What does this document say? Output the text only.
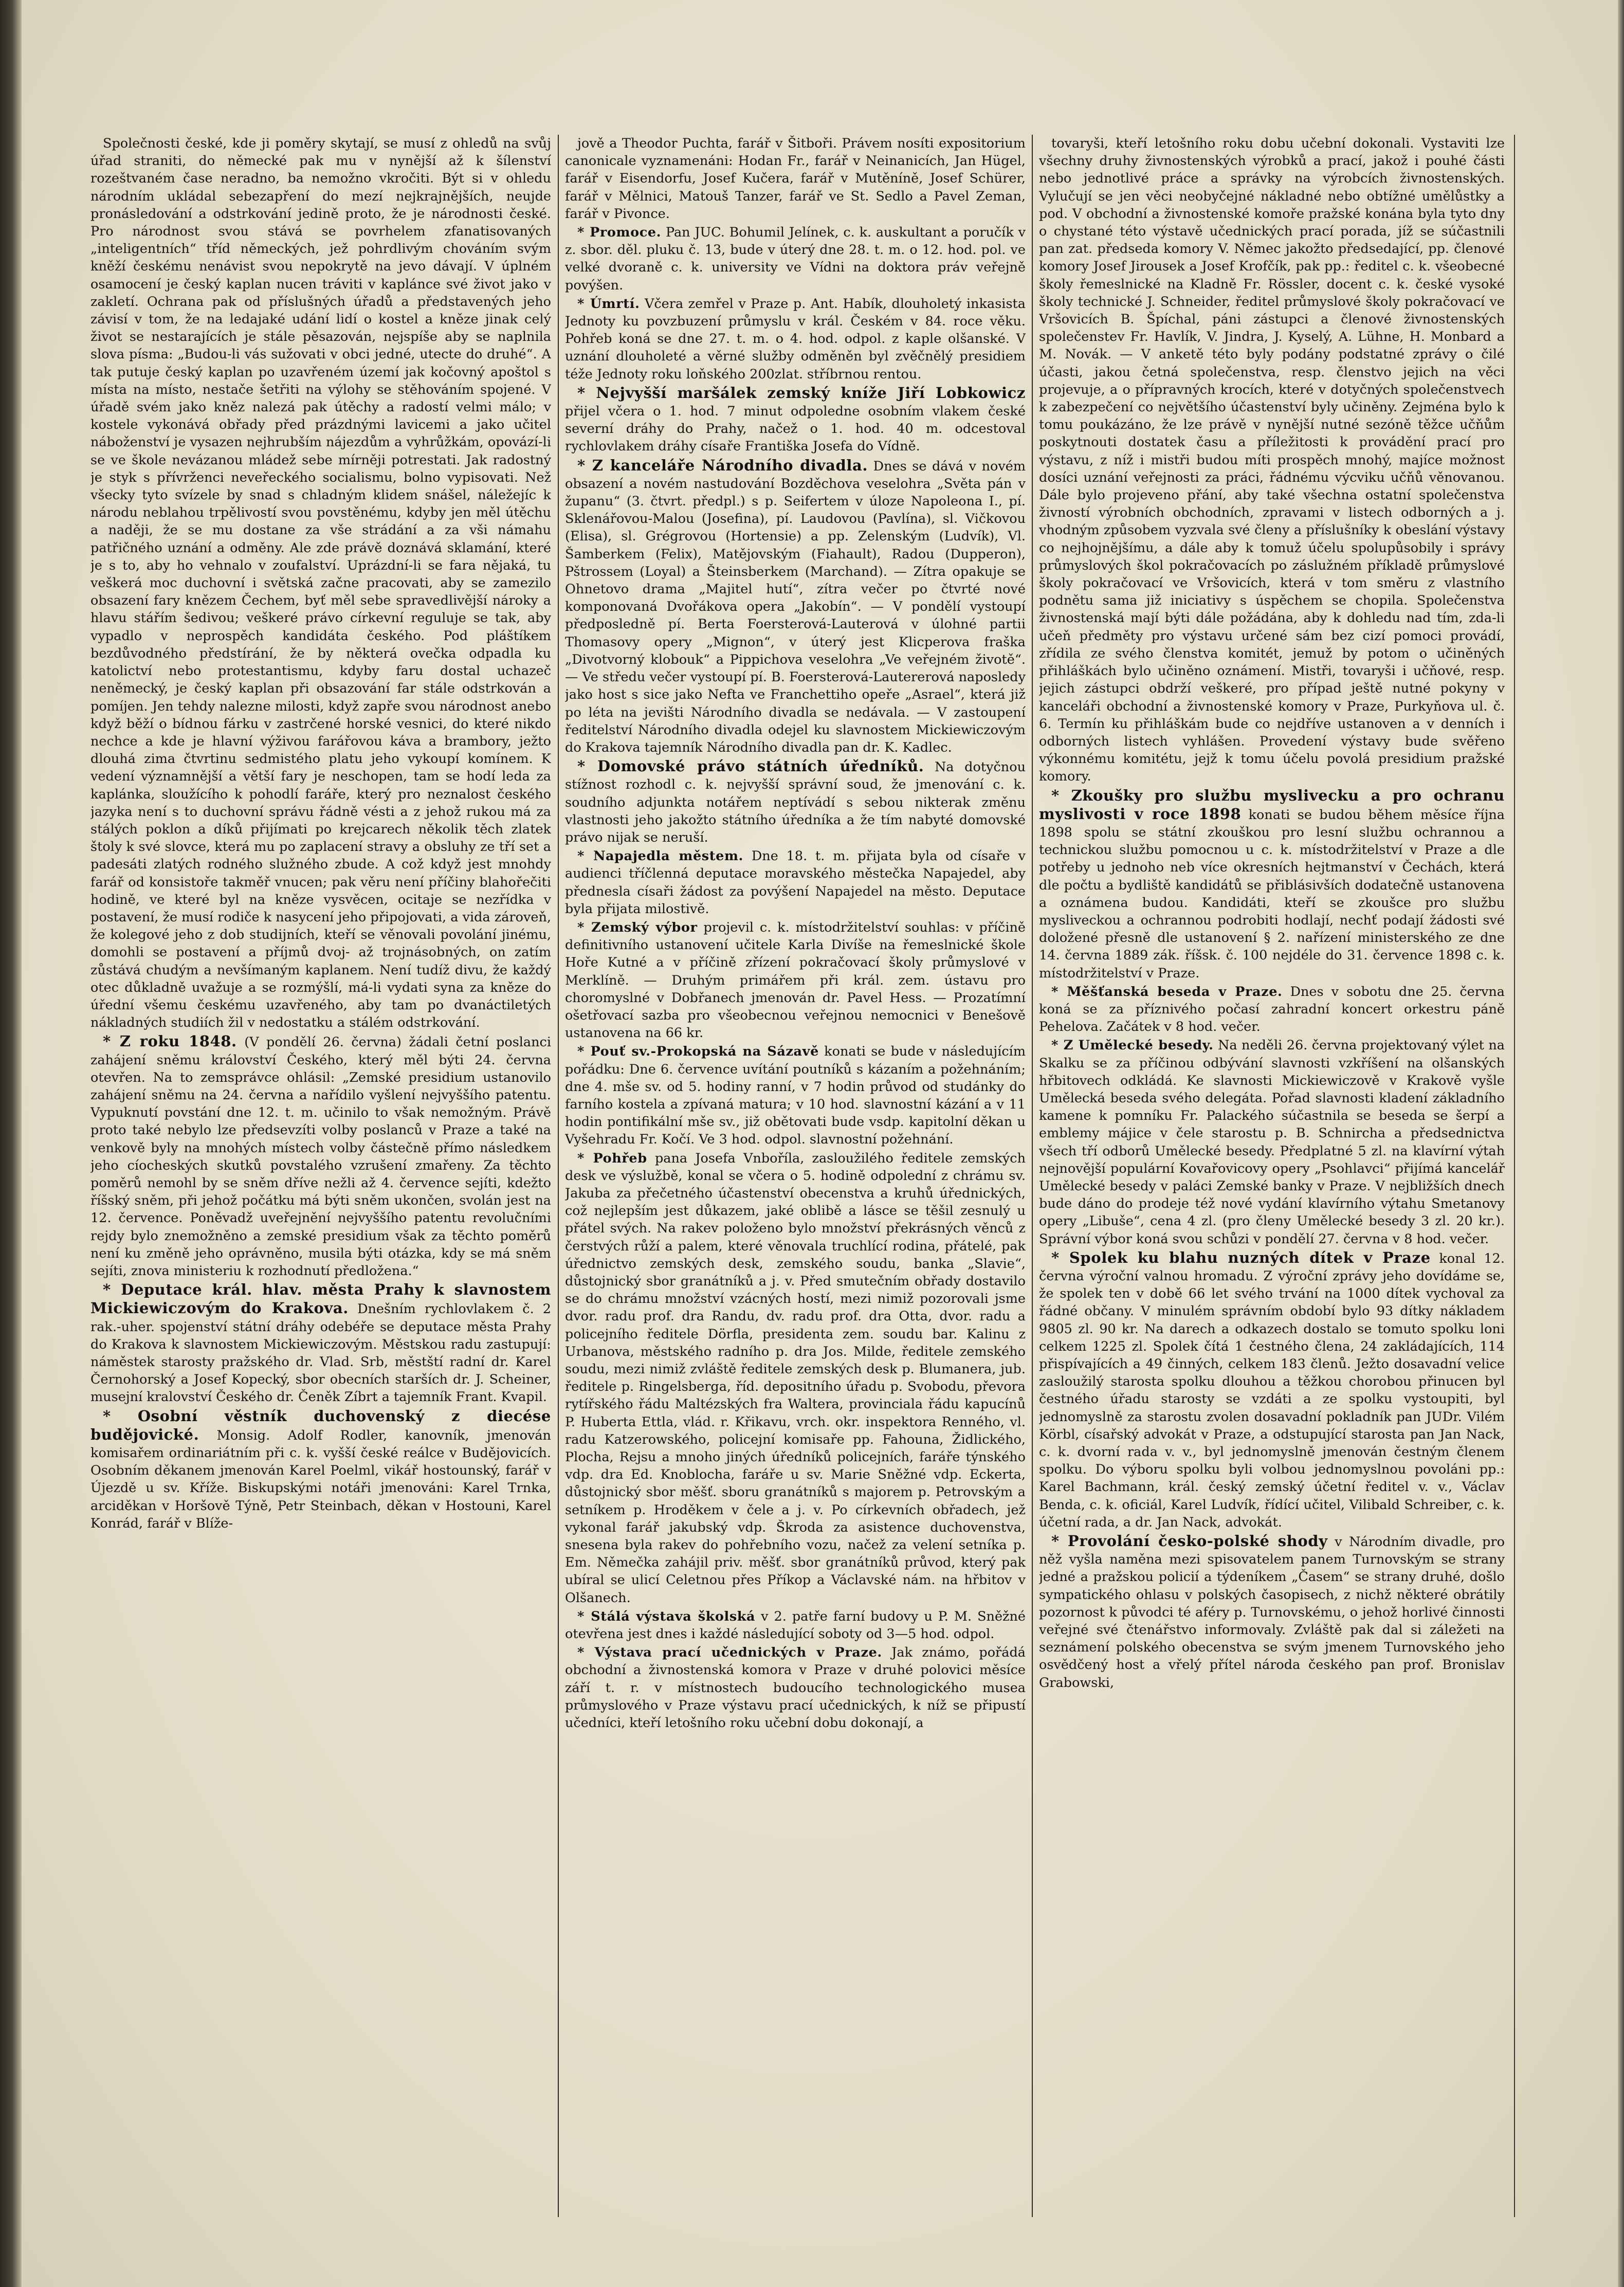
Společnosti české, kde ji poměry skytají, se musí z ohledů na svůj úřad straniti, do německé pak mu v nynější až k šílenství rozeštvaném čase neradno, ba nemožno vkročiti. Být si v ohledu národním ukládal sebezapření do mezí nejkrajnějších, neujde pronásledování a odstrkování jedině proto, že je národnosti české. Pro národnost svou stává se povrhelem zfanatisovaných „inteligentních“ tříd německých, jež pohrdlivým chováním svým kněží českému nenávist svou nepokrytě na jevo dávají. V úplném osamocení je český kaplan nucen tráviti v kaplánce své život jako v zakletí. Ochrana pak od příslušných úřadů a představených jeho závisí v tom, že na ledajaké udání lidí o kostel a kněze jinak celý život se nestarajících je stále pěsazován, nejspíše aby se naplnila slova písma: „Budou-li vás sužovati v obci jedné, utecte do druhé“. A tak putuje český kaplan po uzavřeném území jak kočovný apoštol s místa na místo, nestače šetřiti na výlohy se stěhováním spojené. V úřadě svém jako kněz nalezá pak útěchy a radostí velmi málo; v kostele vykonává obřady před prázdnými lavicemi a jako učitel náboženství je vysazen nejhrubším nájezdům a vyhrůžkám, opovází-li se ve škole nevázanou mládež sebe mírněji potrestati. Jak radostný je styk s přívrženci neveřeckého socialismu, bolno vypisovati. Než všecky tyto svízele by snad s chladným klidem snášel, náležejíc k národu neblahou trpělivostí svou povstěnému, kdyby jen měl útěchu a naději, že se mu dostane za vše strádání a za vši námahu patřičného uznání a odměny. Ale zde právě doznává sklamání, které je s to, aby ho vehnalo v zoufalství. Uprázdní-li se fara nějaká, tu veškerá moc duchovní i světská začne pracovati, aby se zamezilo obsazení fary knězem Čechem, byť měl sebe spravedlivější nároky a hlavu stářím šedivou; veškeré právo církevní reguluje se tak, aby vypadlo v neprospěch kandidáta českého. Pod pláštíkem bezdůvodného předstírání, že by některá ovečka odpadla ku katolictví nebo protestantismu, kdyby faru dostal uchazeč neněmecký, je český kaplan při obsazování far stále odstrkován a pomíjen. Jen tehdy nalezne milosti, když zapře svou národnost anebo když běží o bídnou fárku v zastrčené horské vesnici, do které nikdo nechce a kde je hlavní výživou farářovou káva a brambory, ježto dlouhá zima čtvrtinu sedmistého platu jeho vykoupí komínem. K vedení významnější a větší fary je neschopen, tam se hodí leda za kaplánka, sloužícího k pohodlí faráře, který pro neznalost českého jazyka není s to duchovní správu řádně vésti a z jehož rukou má za stálých poklon a díků přijímati po krejcarech několik těch zlatek štoly k své slovce, která mu po zaplacení stravy a obsluhy ze tří set a padesáti zlatých rodného služného zbude. A což když jest mnohdy farář od konsistoře takměř vnucen; pak věru není příčiny blahořečiti hodině, ve které byl na kněze vysvěcen, ocitaje se nezřídka v postavení, že musí rodiče k nasycení jeho připojovati, a vida zároveň, že kolegové jeho z dob studijních, kteří se věnovali povolání jinému, domohli se postavení a příjmů dvoj- až trojnásobných, on zatím zůstává chudým a nevšímaným kaplanem. Není tudíž divu, že každý otec důkladně uvažuje a se rozmýšlí, má-li vydati syna za kněze do úřední všemu českému uzavřeného, aby tam po dvanáctiletých nákladných studiích žil v nedostatku a stálém odstrkování.

* Z roku 1848. (V pondělí 26. června) žádali četní poslanci zahájení sněmu království Českého, který měl býti 24. června otevřen. Na to zemsprávce ohlásil: „Zemské presidium ustanovilo zahájení sněmu na 24. června a nařídilo vyšlení nejvyššího patentu. Vypuknutí povstání dne 12. t. m. učinilo to však nemožným. Právě proto také nebylo lze předsevzíti volby poslanců v Praze a také na venkově byly na mnohých místech volby částečně přímo následkem jeho cíocheských skutků povstalého vzrušení zmařeny. Za těchto poměrů nemohl by se sněm dříve nežli až 4. července sejíti, kdežto říšský sněm, při jehož počátku má býti sněm ukončen, svolán jest na 12. července. Poněvadž uveřejnění nejvyššího patentu revolučními rejdy bylo znemožněno a zemské presidium však za těchto poměrů není ku změně jeho oprávněno, musila býti otázka, kdy se má sněm sejíti, znova ministeriu k rozhodnutí předložena.“

* Deputace král. hlav. města Prahy k slavnostem Mickiewiczovým do Krakova. Dnešním rychlovlakem č. 2 rak.-uher. spojenství státní dráhy odebéře se deputace města Prahy do Krakova k slavnostem Mickiewiczovým. Městskou radu zastupují: náměstek starosty pražského dr. Vlad. Srb, městští radní dr. Karel Černohorský a Josef Kopecký, sbor obecních starších dr. J. Scheiner, musejní kralovství Českého dr. Čeněk Zíbrt a tajemník Frant. Kvapil.

* Osobní věstník duchovenský z diecése budějovické. Monsig. Adolf Rodler, kanovník, jmenován komisařem ordinariátním při c. k. vyšší české reálce v Budějovicích. Osobním děkanem jmenován Karel Poelml, vikář hostounský, farář v Újezdě u sv. Kříže. Biskupskými notáři jmenováni: Karel Trnka, arciděkan v Horšově Týně, Petr Steinbach, děkan v Hostouni, Karel Konrád, farář v Blíže-

jově a Theodor Puchta, farář v Šitboři. Právem nosíti expositorium canonicale vyznamenáni: Hodan Fr., farář v Neinanicích, Jan Hügel, farář v Eisendorfu, Josef Kučera, farář v Mutěníně, Josef Schürer, farář v Mělnici, Matouš Tanzer, farář ve St. Sedlo a Pavel Zeman, farář v Pivonce.

* Promoce. Pan JUC. Bohumil Jelínek, c. k. auskultant a poručík v z. sbor. děl. pluku č. 13, bude v úterý dne 28. t. m. o 12. hod. pol. ve velké dvoraně c. k. university ve Vídni na doktora práv veřejně povýšen.

* Úmrtí. Včera zemřel v Praze p. Ant. Habík, dlouholetý inkasista Jednoty ku povzbuzení průmyslu v král. Českém v 84. roce věku. Pohřeb koná se dne 27. t. m. o 4. hod. odpol. z kaple olšanské. V uznání dlouholeté a věrné služby odměněn byl zvěčnělý presidiem téže Jednoty roku loňského 200zlat. stříbrnou rentou.

* Nejvyšší maršálek zemský kníže Jiří Lobkowicz přijel včera o 1. hod. 7 minut odpoledne osobním vlakem české severní dráhy do Prahy, načež o 1. hod. 40 m. odcestoval rychlovlakem dráhy císaře Františka Josefa do Vídně.

* Z kanceláře Národního divadla. Dnes se dává v novém obsazení a novém nastudování Bozděchova veselohra „Světa pán v županu“ (3. čtvrt. předpl.) s p. Seifertem v úloze Napoleona I., pí. Sklenářovou-Malou (Josefina), pí. Laudovou (Pavlína), sl. Vičkovou (Elisa), sl. Grégrovou (Hortensie) a pp. Zelenským (Ludvík), Vl. Šamberkem (Felix), Matějovským (Fiahault), Radou (Dupperon), Pštrossem (Loyal) a Šteinsberkem (Marchand). — Zítra opakuje se Ohnetovo drama „Majitel hutí“, zítra večer po čtvrté nové komponovaná Dvořákova opera „Jakobín“. — V pondělí vystoupí předposledně pí. Berta Foersterová-Lauterová v úlohné partii Thomasovy opery „Mignon“, v úterý jest Klicperova fraška „Divotvorný klobouk“ a Pippichova veselohra „Ve veřejném životě“. — Ve středu večer vystoupí pí. B. Foersterová-Lautererová naposledy jako host s sice jako Nefta ve Franchettiho opeře „Asrael“, která již po léta na jevišti Národního divadla se nedávala. — V zastoupení ředitelství Národního divadla odejel ku slavnostem Mickiewiczovým do Krakova tajemník Národního divadla pan dr. K. Kadlec.

* Domovské právo státních úředníků. Na dotyčnou stížnost rozhodl c. k. nejvyšší správní soud, že jmenování c. k. soudního adjunkta notářem neptívádí s sebou nikterak změnu vlastnosti jeho jakožto státního úředníka a že tím nabyté domovské právo nijak se neruší.

* Napajedla městem. Dne 18. t. m. přijata byla od císaře v audienci tříčlenná deputace moravského městečka Napajedel, aby přednesla císaři žádost za povýšení Napajedel na město. Deputace byla přijata milostivě.

* Zemský výbor projevil c. k. místodržitelství souhlas: v příčině definitivního ustanovení učitele Karla Divíše na řemeslnické škole Hoře Kutné a v příčině zřízení pokračovací školy průmyslové v Merklíně. — Druhým primářem při král. zem. ústavu pro choromyslné v Dobřanech jmenován dr. Pavel Hess. — Prozatímní ošetřovací sazba pro všeobecnou veřejnou nemocnici v Benešově ustanovena na 66 kr.

* Pouť sv.-Prokopská na Sázavě konati se bude v následujícím pořádku: Dne 6. července uvítání poutníků s kázaním a požehnáním; dne 4. mše sv. od 5. hodiny ranní, v 7 hodin průvod od studánky do farního kostela a zpívaná matura; v 10 hod. slavnostní kázání a v 11 hodin pontifikální mše sv., již obětovati bude vsdp. kapitolní děkan u Vyšehradu Fr. Kočí. Ve 3 hod. odpol. slavnostní požehnání.

* Pohřeb pana Josefa Vnboříla, zasloužilého ředitele zemských desk ve výslužbě, konal se včera o 5. hodině odpolední z chrámu sv. Jakuba za přečetného účastenství obecenstva a kruhů úřednických, což nejlepším jest důkazem, jaké oblibě a lásce se těšil zesnulý u přátel svých. Na rakev položeno bylo množství překrásných věnců z čerstvých růží a palem, které věnovala truchlící rodina, přátelé, pak úřednictvo zemských desk, zemského soudu, banka „Slavie“, důstojnický sbor granátníků a j. v. Před smutečním obřady dostavilo se do chrámu množství vzácných hostí, mezi nimiž pozorovali jsme dvor. radu prof. dra Randu, dv. radu prof. dra Otta, dvor. radu a policejního ředitele Dörfla, presidenta zem. soudu bar. Kalinu z Urbanova, městského radního p. dra Jos. Milde, ředitele zemského soudu, mezi nimiž zvláště ředitele zemských desk p. Blumanera, jub. ředitele p. Ringelsberga, říd. depositního úřadu p. Svobodu, převora rytířského řádu Maltézských fra Waltera, provinciala řádu kapucínů P. Huberta Ettla, vlád. r. Křikavu, vrch. okr. inspektora Renného, vl. radu Katzerowského, policejní komisaře pp. Fahouna, Židlického, Plocha, Rejsu a mnoho jiných úředníků policejních, faráře týnského vdp. dra Ed. Knoblocha, faráře u sv. Marie Sněžné vdp. Eckerta, důstojnický sbor měšť. sboru granátníků s majorem p. Petrovským a setníkem p. Hroděkem v čele a j. v. Po církevních obřadech, jež vykonal farář jakubský vdp. Škroda za asistence duchovenstva, snesena byla rakev do pohřebního vozu, načež za velení setníka p. Em. Němečka zahájil priv. měšť. sbor granátníků průvod, který pak ubíral se ulicí Celetnou přes Příkop a Václavské nám. na hřbitov v Olšanech.

* Stálá výstava školská v 2. patře farní budovy u P. M. Sněžné otevřena jest dnes i každé následující soboty od 3—5 hod. odpol.

* Výstava prací učednických v Praze. Jak známo, pořádá obchodní a živnostenská komora v Praze v druhé polovici měsíce září t. r. v místnostech budoucího technologického musea průmyslového v Praze výstavu prací učednických, k níž se připustí učedníci, kteří letošního roku učební dobu dokonají, a

tovaryši, kteří letošního roku dobu učební dokonali. Vystaviti lze všechny druhy živnostenských výrobků a prací, jakož i pouhé části nebo jednotlivé práce a správky na výrobcích živnostenských. Vylučují se jen věci neobyčejné nákladné nebo obtížné umělůstky a pod. V obchodní a živnostenské komoře pražské konána byla tyto dny o chystané této výstavě učednických prací porada, jíž se súčastnili pan zat. předseda komory V. Němec jakožto předsedající, pp. členové komory Josef Jirousek a Josef Krofčík, pak pp.: ředitel c. k. všeobecné školy řemeslnické na Kladně Fr. Rössler, docent c. k. české vysoké školy technické J. Schneider, ředitel průmyslové školy pokračovací ve Vršovicích B. Špíchal, páni zástupci a členové živnostenských společenstev Fr. Havlík, V. Jindra, J. Kyselý, A. Lühne, H. Monbard a M. Novák. — V anketě této byly podány podstatné zprávy o čilé účasti, jakou četná společenstva, resp. členstvo jejich na věci projevuje, a o přípravných krocích, které v dotyčných společenstvech k zabezpečení co největšího účastenství byly učiněny. Zejména bylo k tomu poukázáno, že lze právě v nynější nutné sezóně těžce učňům poskytnouti dostatek času a příležitosti k provádění prací pro výstavu, z níž i mistři budou míti prospěch mnohý, majíce možnost dosíci uznání veřejnosti za práci, řádnému výcviku učňů věnovanou. Dále bylo projeveno přání, aby také všechna ostatní společenstva živností výrobních obchodních, zpravami v listech odborných a j. vhodným způsobem vyzvala své členy a příslušníky k obeslání výstavy co nejhojnějšímu, a dále aby k tomuž účelu spolupůsobily i správy průmyslových škol pokračovacích po záslužném příkladě průmyslové školy pokračovací ve Vršovicích, která v tom směru z vlastního podnětu sama již iniciativy s úspěchem se chopila. Společenstva živnostenská mají býti dále požádána, aby k dohledu nad tím, zda-li učeň předměty pro výstavu určené sám bez cizí pomoci provádí, zřídila ze svého členstva komitét, jemuž by potom o učiněných přihláškách bylo učiněno oznámení. Mistři, tovaryši i učňové, resp. jejich zástupci obdrží veškeré, pro případ ještě nutné pokyny v kanceláři obchodní a živnostenské komory v Praze, Purkyňova ul. č. 6. Termín ku přihláškám bude co nejdříve ustanoven a v denních i odborných listech vyhlášen. Provedení výstavy bude svěřeno výkonnému komitétu, jejž k tomu účelu povolá presidium pražské komory.

* Zkoušky pro službu myslivecku a pro ochranu myslivosti v roce 1898 konati se budou během měsíce října 1898 spolu se státní zkouškou pro lesní službu ochrannou a technickou službu pomocnou u c. k. místodržitelství v Praze a dle potřeby u jednoho neb více okresních hejtmanství v Čechách, která dle počtu a bydliště kandidátů se přiblásivších dodatečně ustanovena a oznámena budou. Kandidáti, kteří se zkoušce pro službu mysliveckou a ochrannou podrobiti hodlají, nechť podají žádosti své doložené přesně dle ustanovení § 2. nařízení ministerského ze dne 14. června 1889 zák. říšsk. č. 100 nejdéle do 31. července 1898 c. k. místodržitelství v Praze.

* Měšťanská beseda v Praze. Dnes v sobotu dne 25. června koná se za příznivého počasí zahradní koncert orkestru páně Pehelova. Začátek v 8 hod. večer.

* Z Umělecké besedy. Na neděli 26. června projektovaný výlet na Skalku se za příčinou odbývání slavnosti vzkříšení na olšanských hřbitovech odkládá. Ke slavnosti Mickiewiczově v Krakově vyšle Umělecká beseda svého delegáta. Pořad slavnosti kladení základního kamene k pomníku Fr. Palackého súčastnila se beseda se šerpí a emblemy májice v čele starostu p. B. Schnircha a předsednictva všech tří odborů Umělecké besedy. Předplatné 5 zl. na klavírní výtah nejnovější populární Kovařovicovy opery „Psohlavci“ přijímá kancelář Umělecké besedy v paláci Zemské banky v Praze. V nejbližších dnech bude dáno do prodeje též nové vydání klavírního výtahu Smetanovy opery „Libuše“, cena 4 zl. (pro členy Umělecké besedy 3 zl. 20 kr.). Správní výbor koná svou schůzi v pondělí 27. června v 8 hod. večer.

* Spolek ku blahu nuzných dítek v Praze konal 12. června výroční valnou hromadu. Z výroční zprávy jeho dovídáme se, že spolek ten v době 66 let svého trvání na 1000 dítek vychoval za řádné občany. V minulém správním období bylo 93 dítky nákladem 9805 zl. 90 kr. Na darech a odkazech dostalo se tomuto spolku loni celkem 1225 zl. Spolek čítá 1 čestného člena, 24 zakládajících, 114 přispívajících a 49 činných, celkem 183 členů. Ježto dosavadní velice zasloužilý starosta spolku dlouhou a těžkou chorobou přinucen byl čestného úřadu starosty se vzdáti a ze spolku vystoupiti, byl jednomyslně za starostu zvolen dosavadní pokladník pan JUDr. Vilém Körbl, císařský advokát v Praze, a odstupující starosta pan Jan Nack, c. k. dvorní rada v. v., byl jednomyslně jmenován čestným členem spolku. Do výboru spolku byli volbou jednomyslnou povoláni pp.: Karel Bachmann, král. český zemský účetní ředitel v. v., Václav Benda, c. k. oficiál, Karel Ludvík, řídící učitel, Vilibald Schreiber, c. k. účetní rada, a dr. Jan Nack, advokát.

* Provolání česko-polské shody v Národním divadle, pro něž vyšla naměna mezi spisovatelem panem Turnovským se strany jedné a pražskou policií a týdeníkem „Časem“ se strany druhé, došlo sympatického ohlasu v polských časopisech, z nichž některé obrátily pozornost k původci té aféry p. Turnovskému, o jehož horlivé činnosti veřejné své čtenářstvo informovaly. Zvláště pak dal si záležeti na seznámení polského obecenstva se svým jmenem Turnovského jeho osvědčený host a vřelý přítel národa českého pan prof. Bronislav Grabowski,
